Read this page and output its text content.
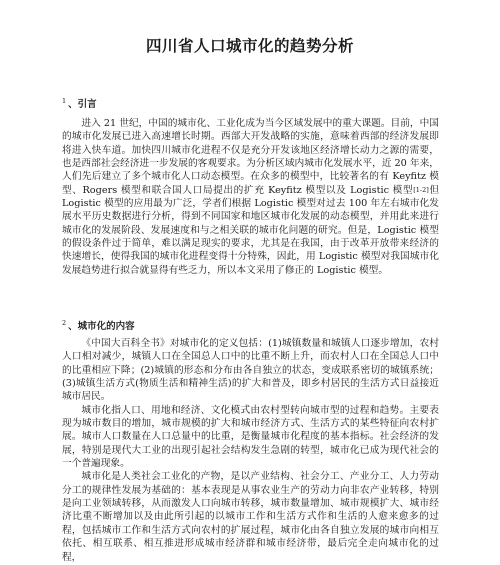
四川省人口城市化的趋势分析
$^1$ 、引言

进入 21 世纪，中国的城市化、工业化成为当今区域发展中的重大课题。目前，中国的城市化发展已进入高速增长时期。西部大开发战略的实施，意味着西部的经济发展即将进入快车道。加快四川城市化进程不仅是充分开发该地区经济增长动力之源的需要，也是西部社会经济进一步发展的客观要求。为分析区域内城市化发展水平，近 20 年来，人们先后建立了多个城市化人口动态模型。在众多的模型中，比较著名的有 Keyfitz 模型、Rogers 模型和联合国人口局提出的扩充 Keyfitz 模型以及 Logistic 模型[1-2]但 Logistic 模型的应用最为广泛，学者们根据 Logistic 模型对过去 100 年左右城市化发展水平历史数据进行分析，得到不同国家和地区城市化发展的动态模型，并用此来进行城市化的发展阶段、发展速度和与之相关联的城市化问题的研究。但是，Logistic 模型的假设条件过于简单，难以满足现实的要求，尤其是在我国，由于改革开放带来经济的快速增长，使得我国的城市化进程变得十分特殊，因此，用 Logistic 模型对我国城市化发展趋势进行拟合就显得有些乏力，所以本文采用了修正的 Logistic 模型。

$^2$ 、城市化的内容

《中国大百科全书》对城市化的定义包括：(1)城镇数量和城镇人口逐步增加，农村人口相对减少，城镇人口在全国总人口中的比重不断上升，而农村人口在全国总人口中的比重相应下降；(2)城镇的形态和分布由各自独立的状态，变成联系密切的城镇系统；(3)城镇生活方式(物质生活和精神生活)的扩大和普及，即乡村居民的生活方式日益接近城市居民。

城市化指人口、用地和经济、文化模式由农村型转向城市型的过程和趋势。主要表现为城市数目的增加，城市规模的扩大和城市经济方式、生活方式的某些特征向农村扩展。城市人口数量在人口总量中的比重，是衡量城市化程度的基本指标。社会经济的发展，特别是现代大工业的出现引起社会结构发生急剧的转型，城市化已成为现代社会的一个普遍现象。

城市化是人类社会工业化的产物，是以产业结构、社会分工、产业分工、人力劳动分工的规律性发展为基础的：基本表现是从事农业生产的劳动力向非农产业转移，特别是向工业领域转移，从而激发人口向城市转移，城市数量增加、城市规模扩大、城市经济比重不断增加以及由此所引起的以城市工作和生活方式作和生活的人愈来愈多的过程，包括城市工作和生活方式向农村的扩展过程，城市化由各自独立发展的城市向相互依托、相互联系、相互推进形成城市经济群和城市经济带，最后完全走向城市化的过程，
